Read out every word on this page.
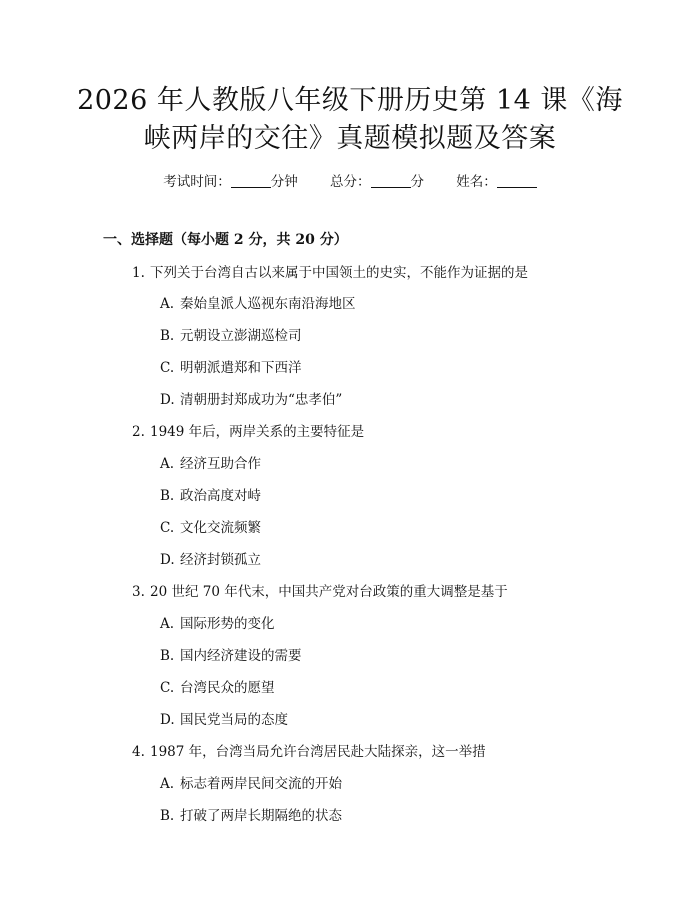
2026 年人教版八年级下册历史第 14 课《海
峡两岸的交往》真题模拟题及答案
考试时间：	分钟 总分：	分 姓名：
一、选择题（每小题 2 分，共 20 分）
1. 下列关于台湾自古以来属于中国领土的史实，不能作为证据的是
A. 秦始皇派人巡视东南沿海地区
B. 元朝设立澎湖巡检司
C. 明朝派遣郑和下西洋
D. 清朝册封郑成功为“忠孝伯”
2. 1949 年后，两岸关系的主要特征是
A. 经济互助合作
B. 政治高度对峙
C. 文化交流频繁
D. 经济封锁孤立
3. 20 世纪 70 年代末，中国共产党对台政策的重大调整是基于
A. 国际形势的变化
B. 国内经济建设的需要
C. 台湾民众的愿望
D. 国民党当局的态度
4. 1987 年，台湾当局允许台湾居民赴大陆探亲，这一举措
A. 标志着两岸民间交流的开始
B. 打破了两岸长期隔绝的状态
